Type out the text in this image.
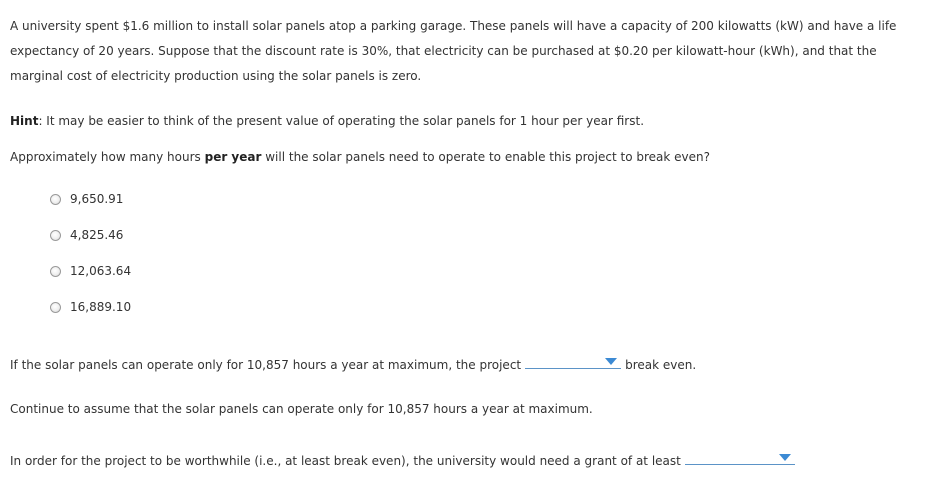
A university spent $1.6 million to install solar panels atop a parking garage. These panels will have a capacity of 200 kilowatts (kW) and have a life
expectancy of 20 years. Suppose that the discount rate is 30%, that electricity can be purchased at $0.20 per kilowatt-hour (kWh), and that the
marginal cost of electricity production using the solar panels is zero.
Hint: It may be easier to think of the present value of operating the solar panels for 1 hour per year first.
Approximately how many hours per year will the solar panels need to operate to enable this project to break even?
9,650.91
4,825.46
12,063.64
16,889.10
If the solar panels can operate only for 10,857 hours a year at maximum, the project	break even.
Continue to assume that the solar panels can operate only for 10,857 hours a year at maximum.
In order for the project to be worthwhile (i.e., at least break even), the university would need a grant of at least
